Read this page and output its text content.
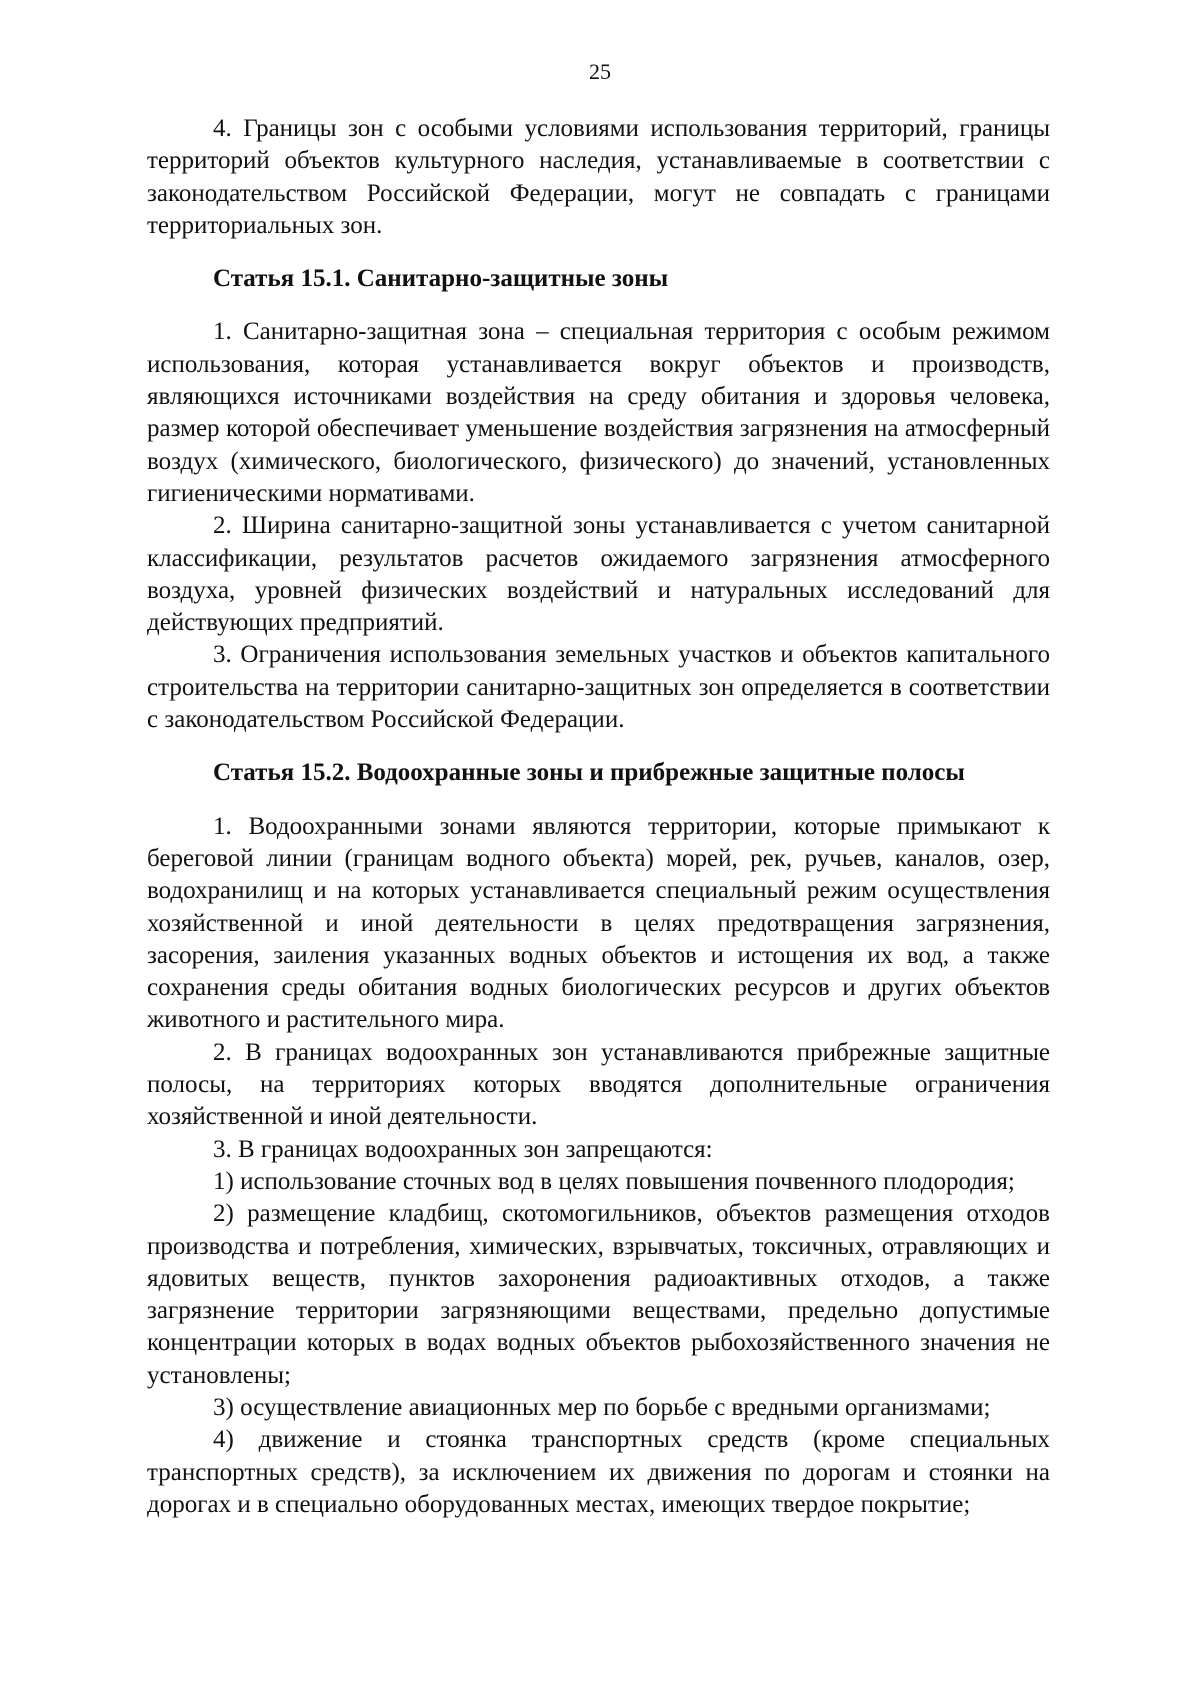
25

4. Границы зон с особыми условиями использования территорий, границы территорий объектов культурного наследия, устанавливаемые в соответствии с законодательством Российской Федерации, могут не совпадать с границами территориальных зон.

Статья 15.1. Санитарно-защитные зоны

1. Санитарно-защитная зона – специальная территория с особым режимом использования, которая устанавливается вокруг объектов и производств, являющихся источниками воздействия на среду обитания и здоровья человека, размер которой обеспечивает уменьшение воздействия загрязнения на атмосферный воздух (химического, биологического, физического) до значений, установленных гигиеническими нормативами.

2. Ширина санитарно-защитной зоны устанавливается с учетом санитарной классификации, результатов расчетов ожидаемого загрязнения атмосферного воздуха, уровней физических воздействий и натуральных исследований для действующих предприятий.

3. Ограничения использования земельных участков и объектов капитального строительства на территории санитарно-защитных зон определяется в соответствии с законодательством Российской Федерации.

Статья 15.2. Водоохранные зоны и прибрежные защитные полосы

1. Водоохранными зонами являются территории, которые примыкают к береговой линии (границам водного объекта) морей, рек, ручьев, каналов, озер, водохранилищ и на которых устанавливается специальный режим осуществления хозяйственной и иной деятельности в целях предотвращения загрязнения, засорения, заиления указанных водных объектов и истощения их вод, а также сохранения среды обитания водных биологических ресурсов и других объектов животного и растительного мира.

2. В границах водоохранных зон устанавливаются прибрежные защитные полосы, на территориях которых вводятся дополнительные ограничения хозяйственной и иной деятельности.

3. В границах водоохранных зон запрещаются:

1) использование сточных вод в целях повышения почвенного плодородия;

2) размещение кладбищ, скотомогильников, объектов размещения отходов производства и потребления, химических, взрывчатых, токсичных, отравляющих и ядовитых веществ, пунктов захоронения радиоактивных отходов, а также загрязнение территории загрязняющими веществами, предельно допустимые концентрации которых в водах водных объектов рыбохозяйственного значения не установлены;

3) осуществление авиационных мер по борьбе с вредными организмами;

4) движение и стоянка транспортных средств (кроме специальных транспортных средств), за исключением их движения по дорогам и стоянки на дорогах и в специально оборудованных местах, имеющих твердое покрытие;
